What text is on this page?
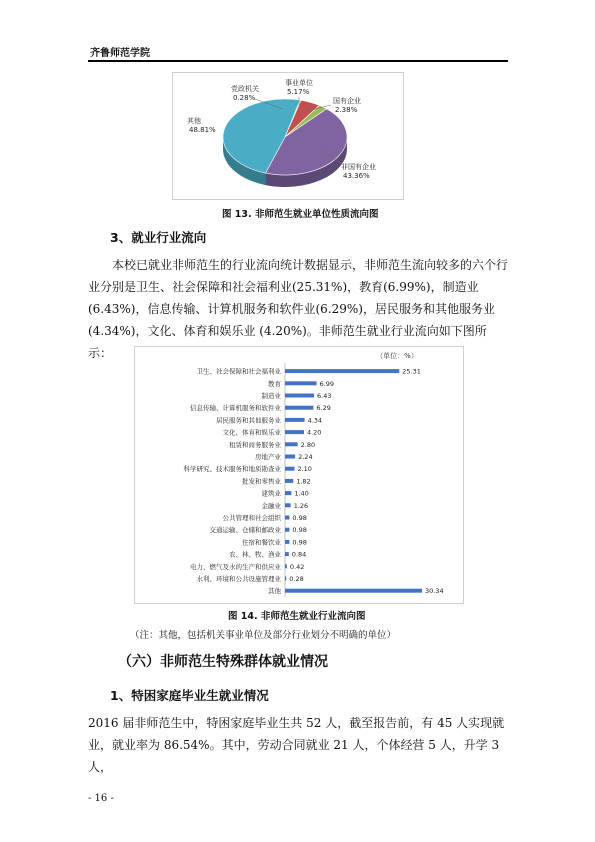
齐鲁师范学院
党政机关
0.28%
事业单位
5.17%
国有企业
2.38%
非国有企业
43.36%
其他
48.81%
图 13. 非师范生就业单位性质流向图
3、就业行业流向
本校已就业非师范生的行业流向统计数据显示，非师范生流向较多的六个行业分别是卫生、社会保障和社会福利业(25.31%)，教育(6.99%)，制造业(6.43%)，信息传输、计算机服务和软件业(6.29%)，居民服务和其他服务业(4.34%)，文化、体育和娱乐业 (4.20%)。非师范生就业行业流向如下图所示：	（单位：%）
卫生、社会保障和社会福利业	25.31
教育	6.99
制造业	6.43
信息传输、计算机服务和软件业	6.29
居民服务和其他服务业	4.34
文化、体育和娱乐业	4.20
租赁和商务服务业	2.80
房地产业	2.24
科学研究、技术服务和地质勘查业	2.10
批发和零售业 1.82
建筑业 1.40
金融业 1.26
公共管理和社会组织 0.98
交通运输、仓储和邮政业 0.98
住宿和餐饮业 0.98
农、林、牧、渔业 0.84
电力、燃气及水的生产和供应业 0.42
水利、环境和公共设施管理业 0.28
其他	30.34
图 14. 非师范生就业行业流向图
（注：其他，包括机关事业单位及部分行业划分不明确的单位）
（六）非师范生特殊群体就业情况
1、特困家庭毕业生就业情况
2016 届非师范生中，特困家庭毕业生共 52 人，截至报告前，有 45 人实现就业，就业率为 86.54%。其中，劳动合同就业 21 人，个体经营 5 人，升学 3 人，
- 16 -
